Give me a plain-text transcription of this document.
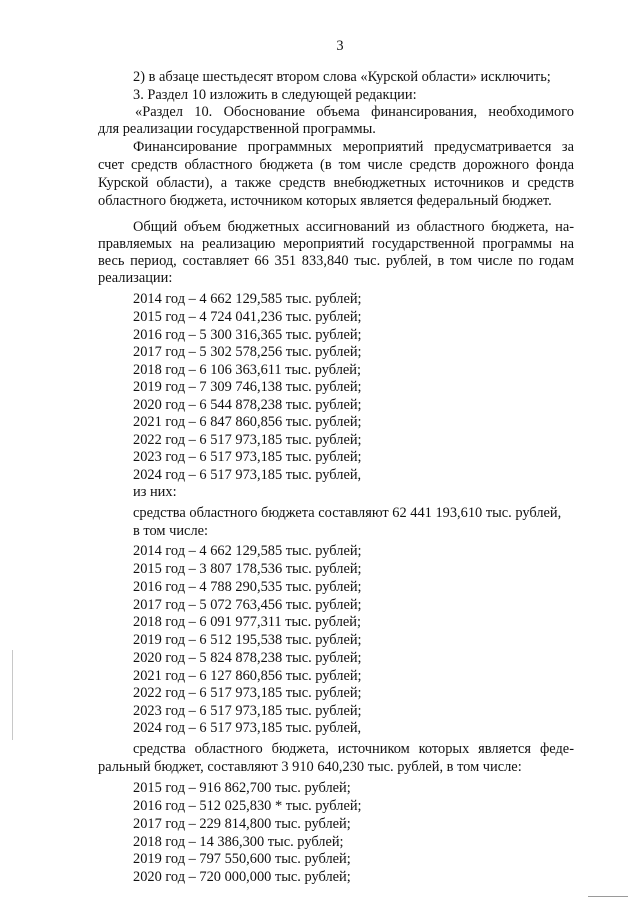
3
2) в абзаце шестьдесят втором слова «Курской области» исключить;
3. Раздел 10 изложить в следующей редакции:
«Раздел 10. Обоснование объема финансирования, необходимого
для реализации государственной программы.
Финансирование программных мероприятий предусматривается за
счет средств областного бюджета (в том числе средств дорожного фонда
Курской области), а также средств внебюджетных источников и средств
областного бюджета, источником которых является федеральный бюджет.
Общий объем бюджетных ассигнований из областного бюджета, на-
правляемых на реализацию мероприятий государственной программы на
весь период, составляет 66 351 833,840 тыс. рублей, в том числе по годам
реализации:
2014 год – 4 662 129,585 тыс. рублей;
2015 год – 4 724 041,236 тыс. рублей;
2016 год – 5 300 316,365 тыс. рублей;
2017 год – 5 302 578,256 тыс. рублей;
2018 год – 6 106 363,611 тыс. рублей;
2019 год – 7 309 746,138 тыс. рублей;
2020 год – 6 544 878,238 тыс. рублей;
2021 год – 6 847 860,856 тыс. рублей;
2022 год – 6 517 973,185 тыс. рублей;
2023 год – 6 517 973,185 тыс. рублей;
2024 год – 6 517 973,185 тыс. рублей,
из них:
средства областного бюджета составляют 62 441 193,610 тыс. рублей,
в том числе:
2014 год – 4 662 129,585 тыс. рублей;
2015 год – 3 807 178,536 тыс. рублей;
2016 год – 4 788 290,535 тыс. рублей;
2017 год – 5 072 763,456 тыс. рублей;
2018 год – 6 091 977,311 тыс. рублей;
2019 год – 6 512 195,538 тыс. рублей;
2020 год – 5 824 878,238 тыс. рублей;
2021 год – 6 127 860,856 тыс. рублей;
2022 год – 6 517 973,185 тыс. рублей;
2023 год – 6 517 973,185 тыс. рублей;
2024 год – 6 517 973,185 тыс. рублей,
средства областного бюджета, источником которых является феде-
ральный бюджет, составляют 3 910 640,230 тыс. рублей, в том числе:
2015 год – 916 862,700 тыс. рублей;
2016 год – 512 025,830 * тыс. рублей;
2017 год – 229 814,800 тыс. рублей;
2018 год – 14 386,300 тыс. рублей;
2019 год – 797 550,600 тыс. рублей;
2020 год – 720 000,000 тыс. рублей;
